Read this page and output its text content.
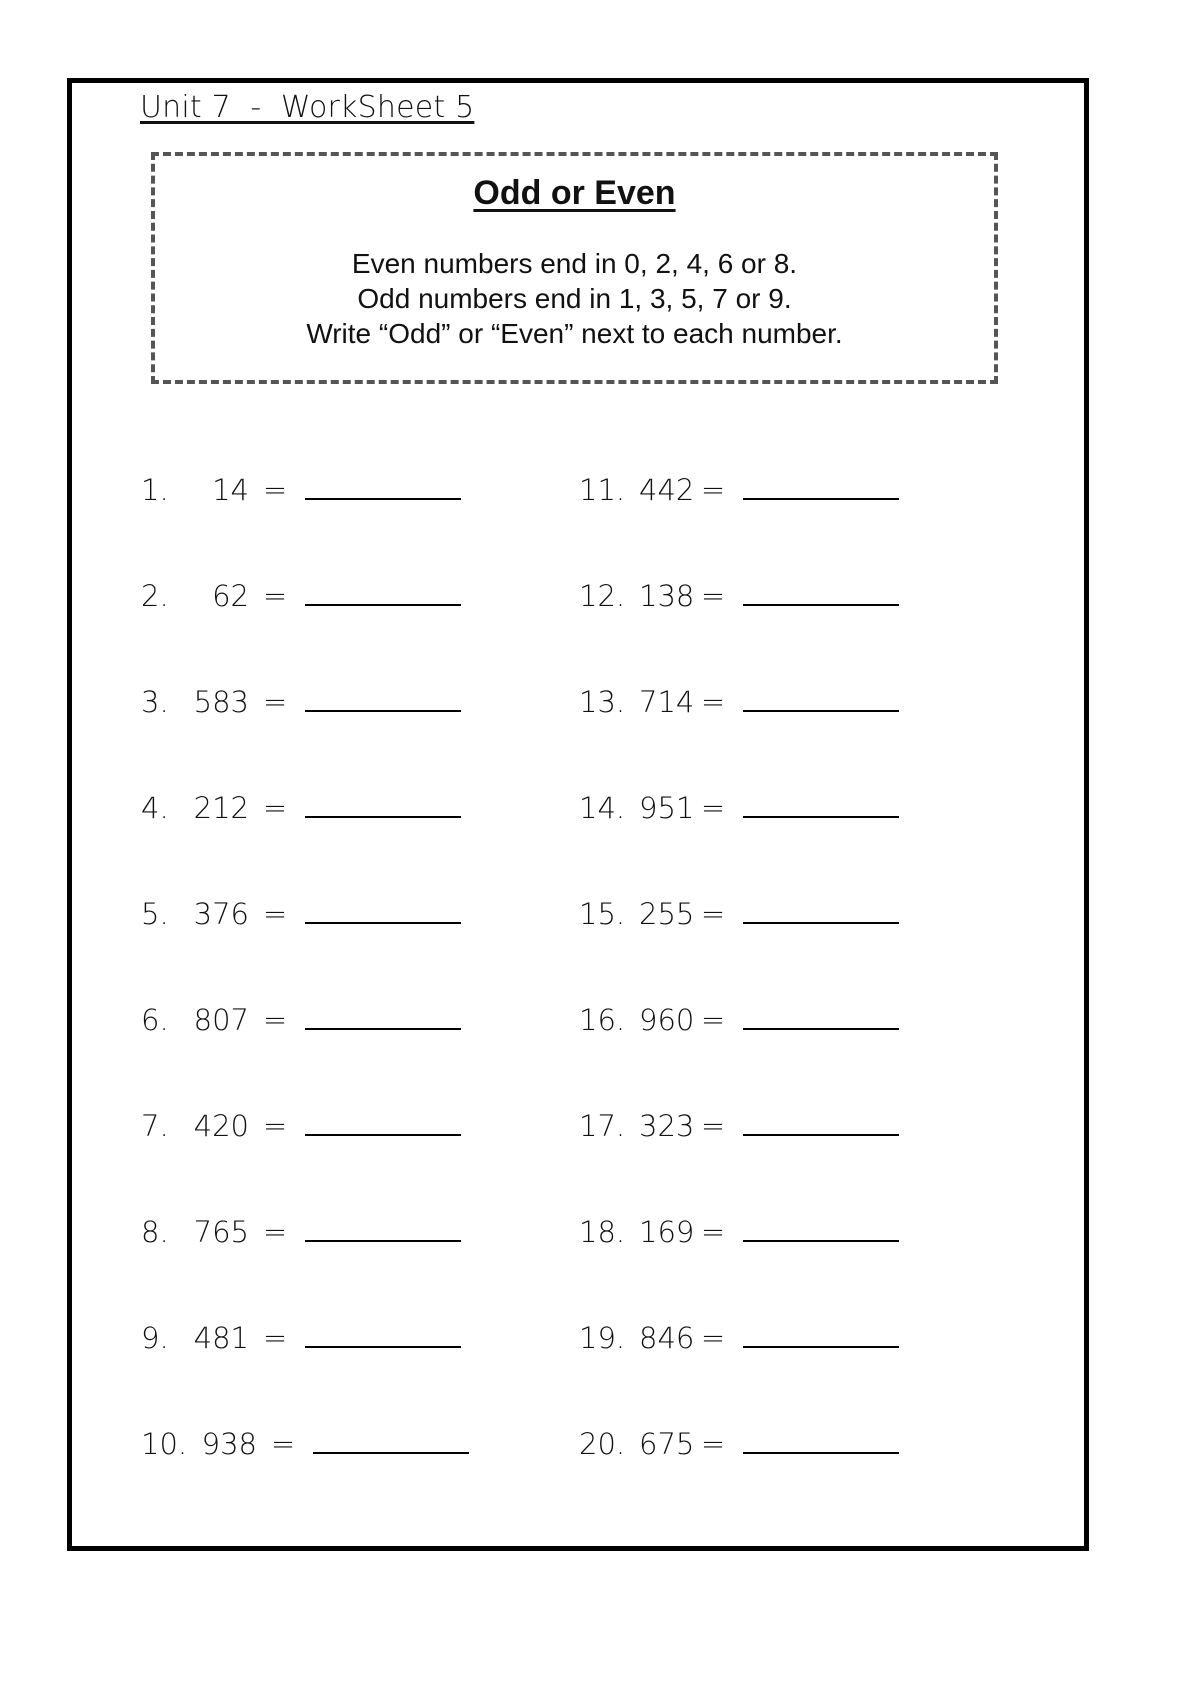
Unit 7  -  WorkSheet 5
Odd or Even
Even numbers end in 0, 2, 4, 6 or 8.
Odd numbers end in 1, 3, 5, 7 or 9.
Write “Odd” or “Even” next to each number.
1. 14 =
2. 62 =
3. 583 =
4. 212 =
5. 376 =
6. 807 =
7. 420 =
8. 765 =
9. 481 =
10. 938 =
11. 442 =
12. 138 =
13. 714 =
14. 951 =
15. 255 =
16. 960 =
17. 323 =
18. 169 =
19. 846 =
20. 675 =
